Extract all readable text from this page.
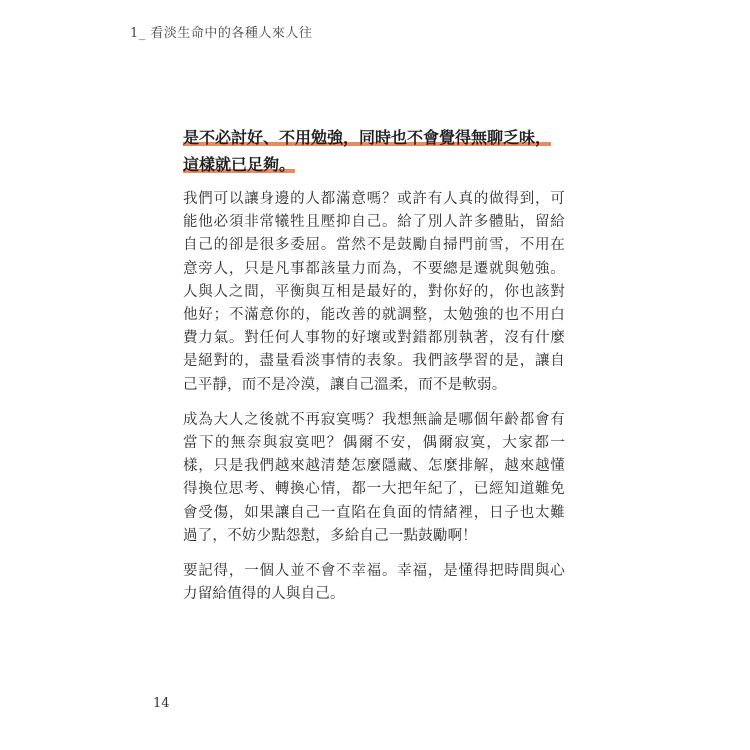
1_ 看淡生命中的各種人來人往

是不必討好、不用勉強，同時也不會覺得無聊乏味，這樣就已足夠。

我們可以讓身邊的人都滿意嗎？或許有人真的做得到，可能他必須非常犧牲且壓抑自己。給了別人許多體貼，留給自己的卻是很多委屈。當然不是鼓勵自掃門前雪，不用在意旁人，只是凡事都該量力而為，不要總是遷就與勉強。人與人之間，平衡與互相是最好的，對你好的，你也該對他好；不滿意你的，能改善的就調整，太勉強的也不用白費力氣。對任何人事物的好壞或對錯都別執著，沒有什麼是絕對的，盡量看淡事情的表象。我們該學習的是，讓自己平靜，而不是冷漠，讓自己溫柔，而不是軟弱。

成為大人之後就不再寂寞嗎？我想無論是哪個年齡都會有當下的無奈與寂寞吧？偶爾不安，偶爾寂寞，大家都一樣，只是我們越來越清楚怎麼隱藏、怎麼排解，越來越懂得換位思考、轉換心情，都一大把年紀了，已經知道難免會受傷，如果讓自己一直陷在負面的情緒裡，日子也太難過了，不妨少點怨懟，多給自己一點鼓勵啊！

要記得，一個人並不會不幸福。幸福，是懂得把時間與心力留給值得的人與自己。

14
